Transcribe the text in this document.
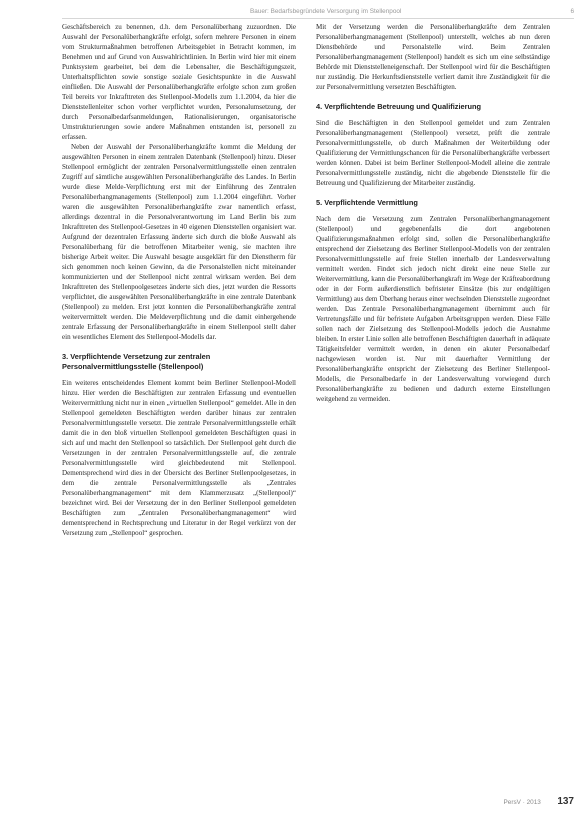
Bauer: Bedarfsbegründete Versorgung im Stellenpool	6

Geschäftsbereich zu benennen, d.h. dem Personalüberhang zuzuordnen. Die Auswahl der Personalüberhangkräfte erfolgt, sofern mehrere Personen in einem vom Strukturmaßnahmen betroffenen Arbeitsgebiet in Betracht kommen, im Benehmen und auf Grund von Auswahlrichtlinien. In Berlin wird hier mit einem Punktsystem gearbeitet, bei dem die Lebensalter, die Beschäftigungszeit, Unterhaltspflichten sowie sonstige soziale Gesichtspunkte in die Auswahl einfließen. Die Auswahl der Personalüberhangkräfte erfolgte schon zum großen Teil bereits vor Inkrafttreten des Stellenpool-Modells zum 1.1.2004, da hier die Dienststellenleiter schon vorher verpflichtet wurden, Personalumsetzung, der durch Personalbedarfsanmeldungen, Rationalisierungen, organisatorische Umstrukturierungen sowie andere Maßnahmen entstanden ist, personell zu erfassen.

Neben der Auswahl der Personalüberhangkräfte kommt die Meldung der ausgewählten Personen in einem zentralen Datenbank (Stellenpool) hinzu. Dieser Stellenpool ermöglicht der zentralen Personalvermittlungsstelle einen zentralen Zugriff auf sämtliche ausgewählten Personalüberhangkräfte des Landes. In Berlin wurde diese Melde-Verpflichtung erst mit der Einführung des Zentralen Personalüberhangmanagements (Stellenpool) zum 1.1.2004 eingeführt. Vorher waren die ausgewählten Personalüberhangkräfte zwar namentlich erfasst, allerdings dezentral in die Personalverantwortung im Land Berlin bis zum Inkrafttreten des Stellenpool-Gesetzes in 40 eigenen Dienststellen organisiert war. Aufgrund der dezentralen Erfassung änderte sich durch die bloße Auswahl als Personalüberhang für die betroffenen Mitarbeiter wenig, sie machten ihre bisherige Arbeit weiter. Die Auswahl besagte ausgeklärt für den Dienstherrn für sich genommen noch keinen Gewinn, da die Personalstellen nicht miteinander kommunizierten und der Stellenpool nicht zentral wirksam werden. Bei dem Inkrafttreten des Stellenpoolgesetzes änderte sich dies, jetzt wurden die Ressorts verpflichtet, die ausgewählten Personalüberhangkräfte in eine zentrale Datenbank (Stellenpool) zu melden. Erst jetzt konnten die Personalüberhangkräfte zentral weitervermittelt werden. Die Meldeverpflichtung und die damit einhergehende zentrale Erfassung der Personalüberhangkräfte in einem Stellenpool stellt daher ein wesentliches Element des Stellenpool-Modells dar.

3. Verpflichtende Versetzung zur zentralen Personalvermittlungsstelle (Stellenpool)

Ein weiteres entscheidendes Element kommt beim Berliner Stellenpool-Modell hinzu. Hier werden die Beschäftigten zur zentralen Erfassung und eventuellen Weitervermittlung nicht nur in einen „virtuellen Stellenpool“ gemeldet. Alle in den Stellenpool gemeldeten Beschäftigten werden darüber hinaus zur zentralen Personalvermittlungsstelle versetzt. Die zentrale Personalvermittlungsstelle erhält damit die in den bloß virtuellen Stellenpool gemeldeten Beschäftigten quasi in sich auf und macht den Stellenpool so tatsächlich. Der Stellenpool geht durch die Versetzungen in der zentralen Personalvermittlungsstelle auf, die zentrale Personalvermittlungsstelle wird gleichbedeutend mit Stellenpool. Dementsprechend wird dies in der Übersicht des Berliner Stellenpoolgesetzes, in dem die zentrale Personalvermittlungsstelle als „Zentrales Personalüberhangmanagement“ mit dem Klammerzusatz „(Stellenpool)“ bezeichnet wird. Bei der Versetzung der in den Berliner Stellenpool gemeldeten Beschäftigten zum „Zentralen Personalüberhangmanagement“ wird dementsprechend in Rechtsprechung und Literatur in der Regel verkürzt von der Versetzung zum „Stellenpool“ gesprochen.

Mit der Versetzung werden die Personalüberhangkräfte dem Zentralen Personalüberhangmanagement (Stellenpool) unterstellt, welches ab nun deren Dienstbehörde und Personalstelle wird. Beim Zentralen Personalüberhangmanagement (Stellenpool) handelt es sich um eine selbständige Behörde mit Dienststelleneigenschaft. Der Stellenpool wird für die Beschäftigten nur zuständig. Die Herkunftsdienststelle verliert damit ihre Zuständigkeit für die zur Personalvermittlung versetzten Beschäftigten.

4. Verpflichtende Betreuung und Qualifizierung

Sind die Beschäftigten in den Stellenpool gemeldet und zum Zentralen Personalüberhangmanagement (Stellenpool) versetzt, prüft die zentrale Personalvermittlungsstelle, ob durch Maßnahmen der Weiterbildung oder Qualifizierung der Vermittlungschancen für die Personalüberhangkräfte verbessert werden können. Dabei ist beim Berliner Stellenpool-Modell alleine die zentrale Personalvermittlungsstelle zuständig, nicht die abgebende Dienststelle für die Betreuung und Qualifizierung der Mitarbeiter zuständig.

5. Verpflichtende Vermittlung

Nach dem die Versetzung zum Zentralen Personalüberhangmanagement (Stellenpool) und gegebenenfalls die dort angebotenen Qualifizierungsmaßnahmen erfolgt sind, sollen die Personalüberhangkräfte entsprechend der Zielsetzung des Berliner Stellenpool-Modells von der zentralen Personalvermittlungsstelle auf freie Stellen innerhalb der Landesverwaltung vermittelt werden. Findet sich jedoch nicht direkt eine neue Stelle zur Weitervermittlung, kann die Personalüberhangkraft im Wege der Kräfteabordnung oder in der Form außerdienstlich befristeter Einsätze (bis zur endgültigen Vermittlung) aus dem Überhang heraus einer wechselnden Dienststelle zugeordnet werden. Das Zentrale Personalüberhangmanagement übernimmt auch für Vertretungsfälle und für befristete Aufgaben Arbeitsgruppen werden. Diese Fälle sollen nach der Zielsetzung des Stellenpool-Modells jedoch die Ausnahme bleiben. In erster Linie sollen alle betroffenen Beschäftigten dauerhaft in adäquate Tätigkeitsfelder vermittelt werden, in denen ein akuter Personalbedarf nachgewiesen worden ist. Nur mit dauerhafter Vermittlung der Personalüberhangkräfte entspricht der Zielsetzung des Berliner Stellenpool-Modells, die Personalbedarfe in der Landesverwaltung vorwiegend durch Personalüberhangkräfte zu bedienen und dadurch externe Einstellungen weitgehend zu vermeiden.

PersV · 2013 137
